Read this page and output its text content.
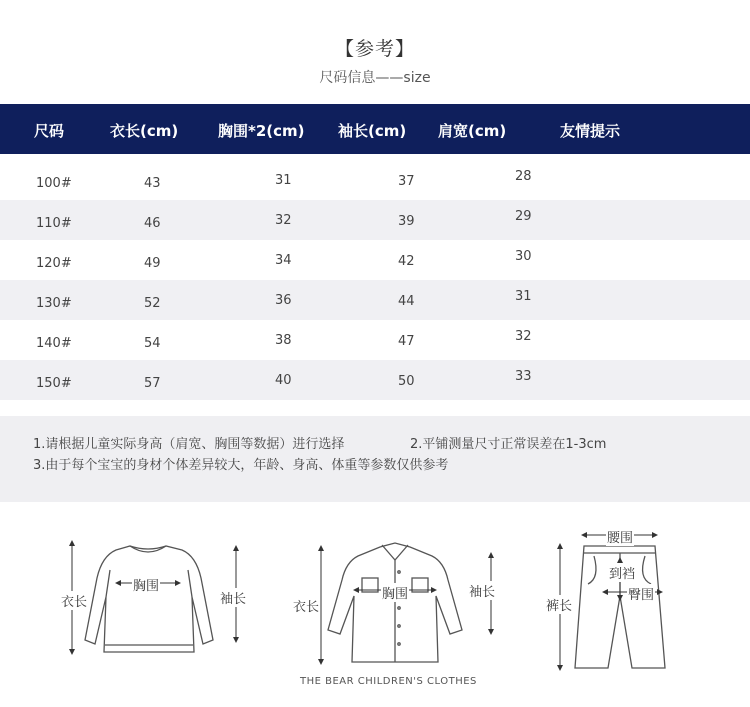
【参考】
尺码信息——size
尺码	衣长(cm)	胸围*2(cm) 袖长(cm) 肩宽(cm)	友情提示
100#	43	31	37	28
110#	46	32	39	29
120#	49	34	42	30
130#	52	36	44	31
140#	54	38	47	32
150#	57	40	50	33
1.请根据儿童实际身高（肩宽、胸围等数据）进行选择	2.平铺测量尺寸正常误差在1-3cm
3.由于每个宝宝的身材个体差异较大，年龄、身高、体重等参数仅供参考
衣长
胸围
袖长
衣长
胸围	袖长
腰围
到裆
臀围
裤长
THE BEAR CHILDREN'S CLOTHES
